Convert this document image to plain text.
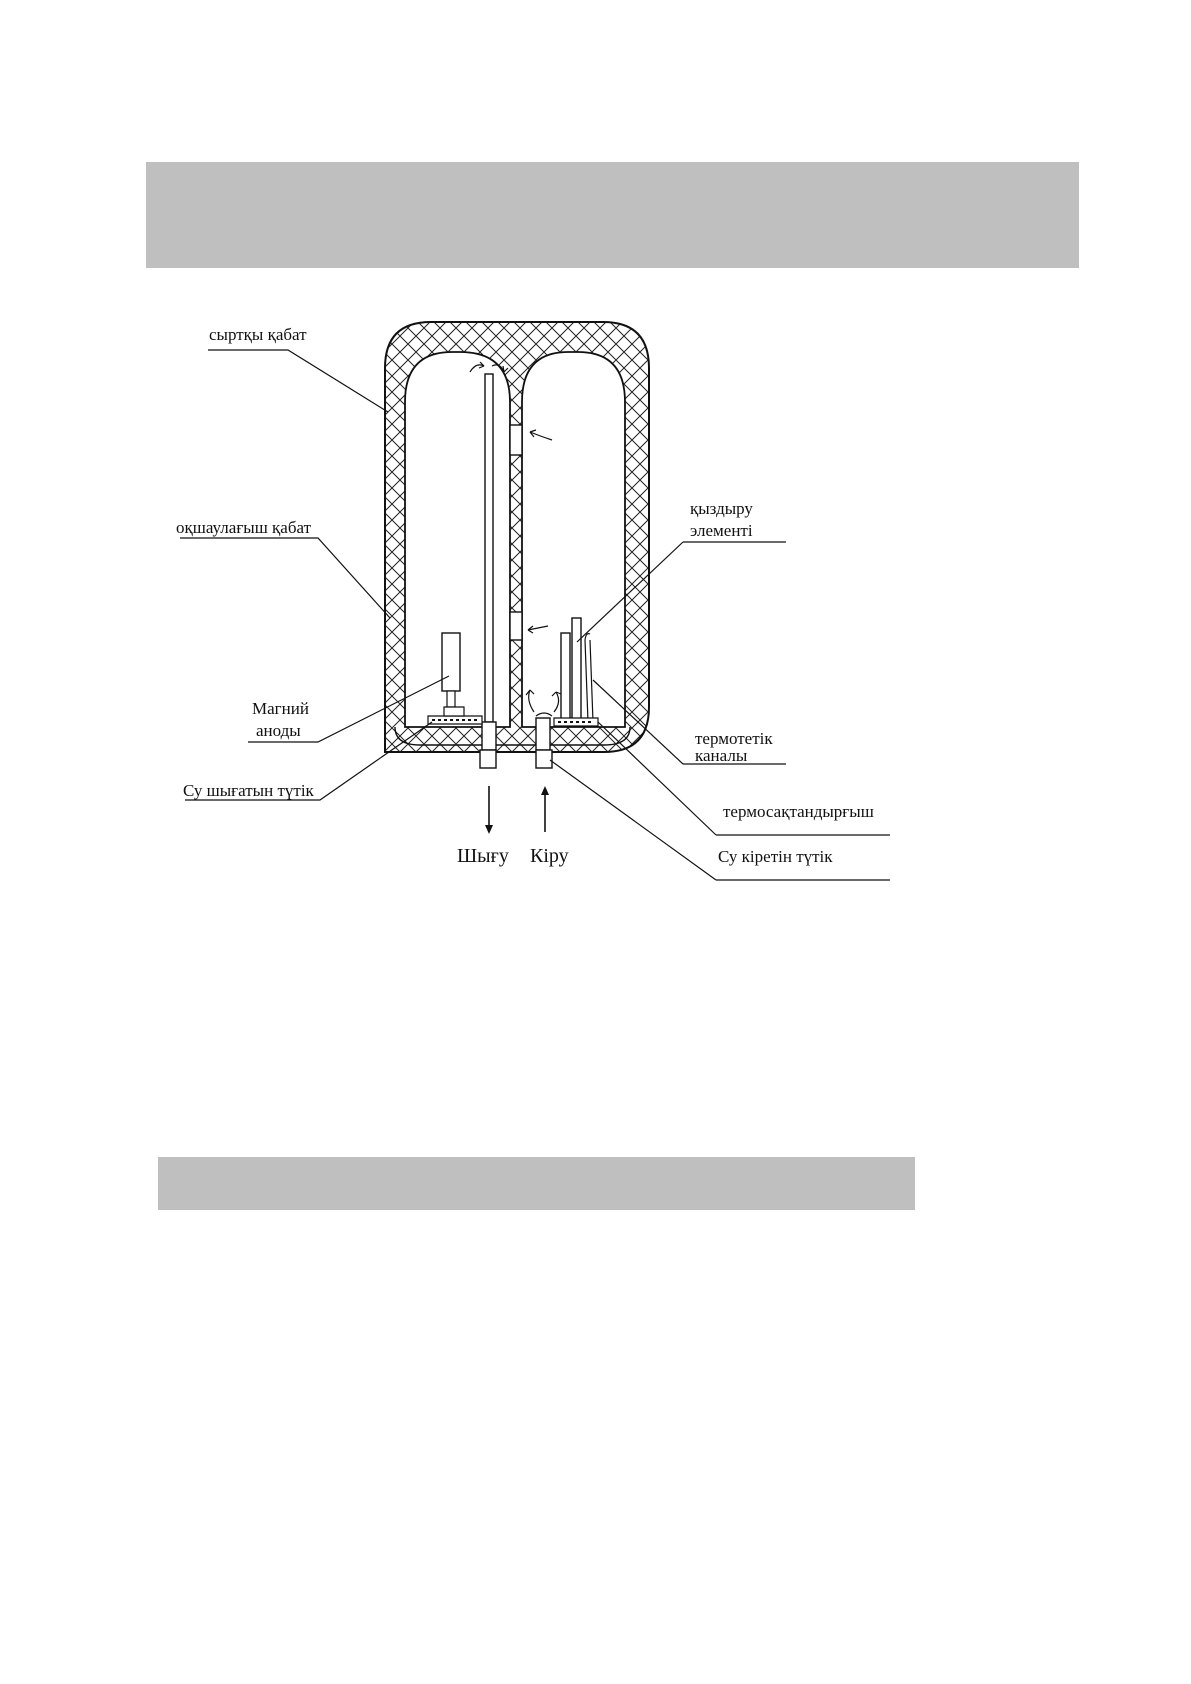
сыртқы қабат
оқшаулағыш қабат
Магний
аноды
Су шығатын түтік
қыздыру
элементі
термотетік
каналы
термосақтандырғыш
Су кіретін түтік
Шығу Кіру
